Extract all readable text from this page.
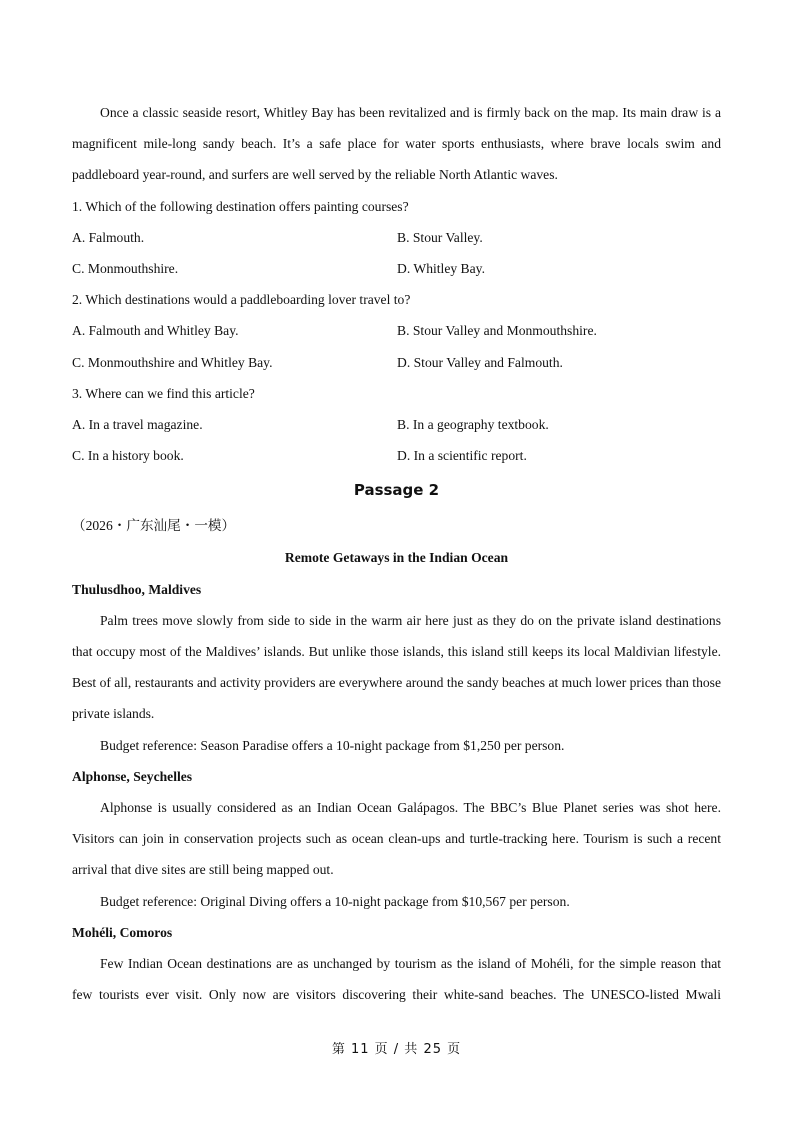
Once a classic seaside resort, Whitley Bay has been revitalized and is firmly back on the map. Its main draw is a magnificent mile-long sandy beach. It’s a safe place for water sports enthusiasts, where brave locals swim and paddleboard year-round, and surfers are well served by the reliable North Atlantic waves.

1. Which of the following destination offers painting courses?

A. Falmouth.	B. Stour Valley.
C. Monmouthshire.	D. Whitley Bay.

2. Which destinations would a paddleboarding lover travel to?

A. Falmouth and Whitley Bay.	B. Stour Valley and Monmouthshire.
C. Monmouthshire and Whitley Bay.	D. Stour Valley and Falmouth.

3. Where can we find this article?

A. In a travel magazine.	B. In a geography textbook.
C. In a history book.	D. In a scientific report.
Passage 2

（2026・广东汕尾・一模）

Remote Getaways in the Indian Ocean

Thulusdhoo, Maldives

Palm trees move slowly from side to side in the warm air here just as they do on the private island destinations that occupy most of the Maldives’ islands. But unlike those islands, this island still keeps its local Maldivian lifestyle. Best of all, restaurants and activity providers are everywhere around the sandy beaches at much lower prices than those private islands.

Budget reference: Season Paradise offers a 10-night package from $1,250 per person.

Alphonse, Seychelles

Alphonse is usually considered as an Indian Ocean Galápagos. The BBC’s Blue Planet series was shot here. Visitors can join in conservation projects such as ocean clean-ups and turtle-tracking here. Tourism is such a recent arrival that dive sites are still being mapped out.

Budget reference: Original Diving offers a 10-night package from $10,567 per person.

Mohéli, Comoros

Few Indian Ocean destinations are as unchanged by tourism as the island of Mohéli, for the simple reason that few tourists ever visit. Only now are visitors discovering their white-sand beaches. The UNESCO-listed Mwali

第 11 页 / 共 25 页
